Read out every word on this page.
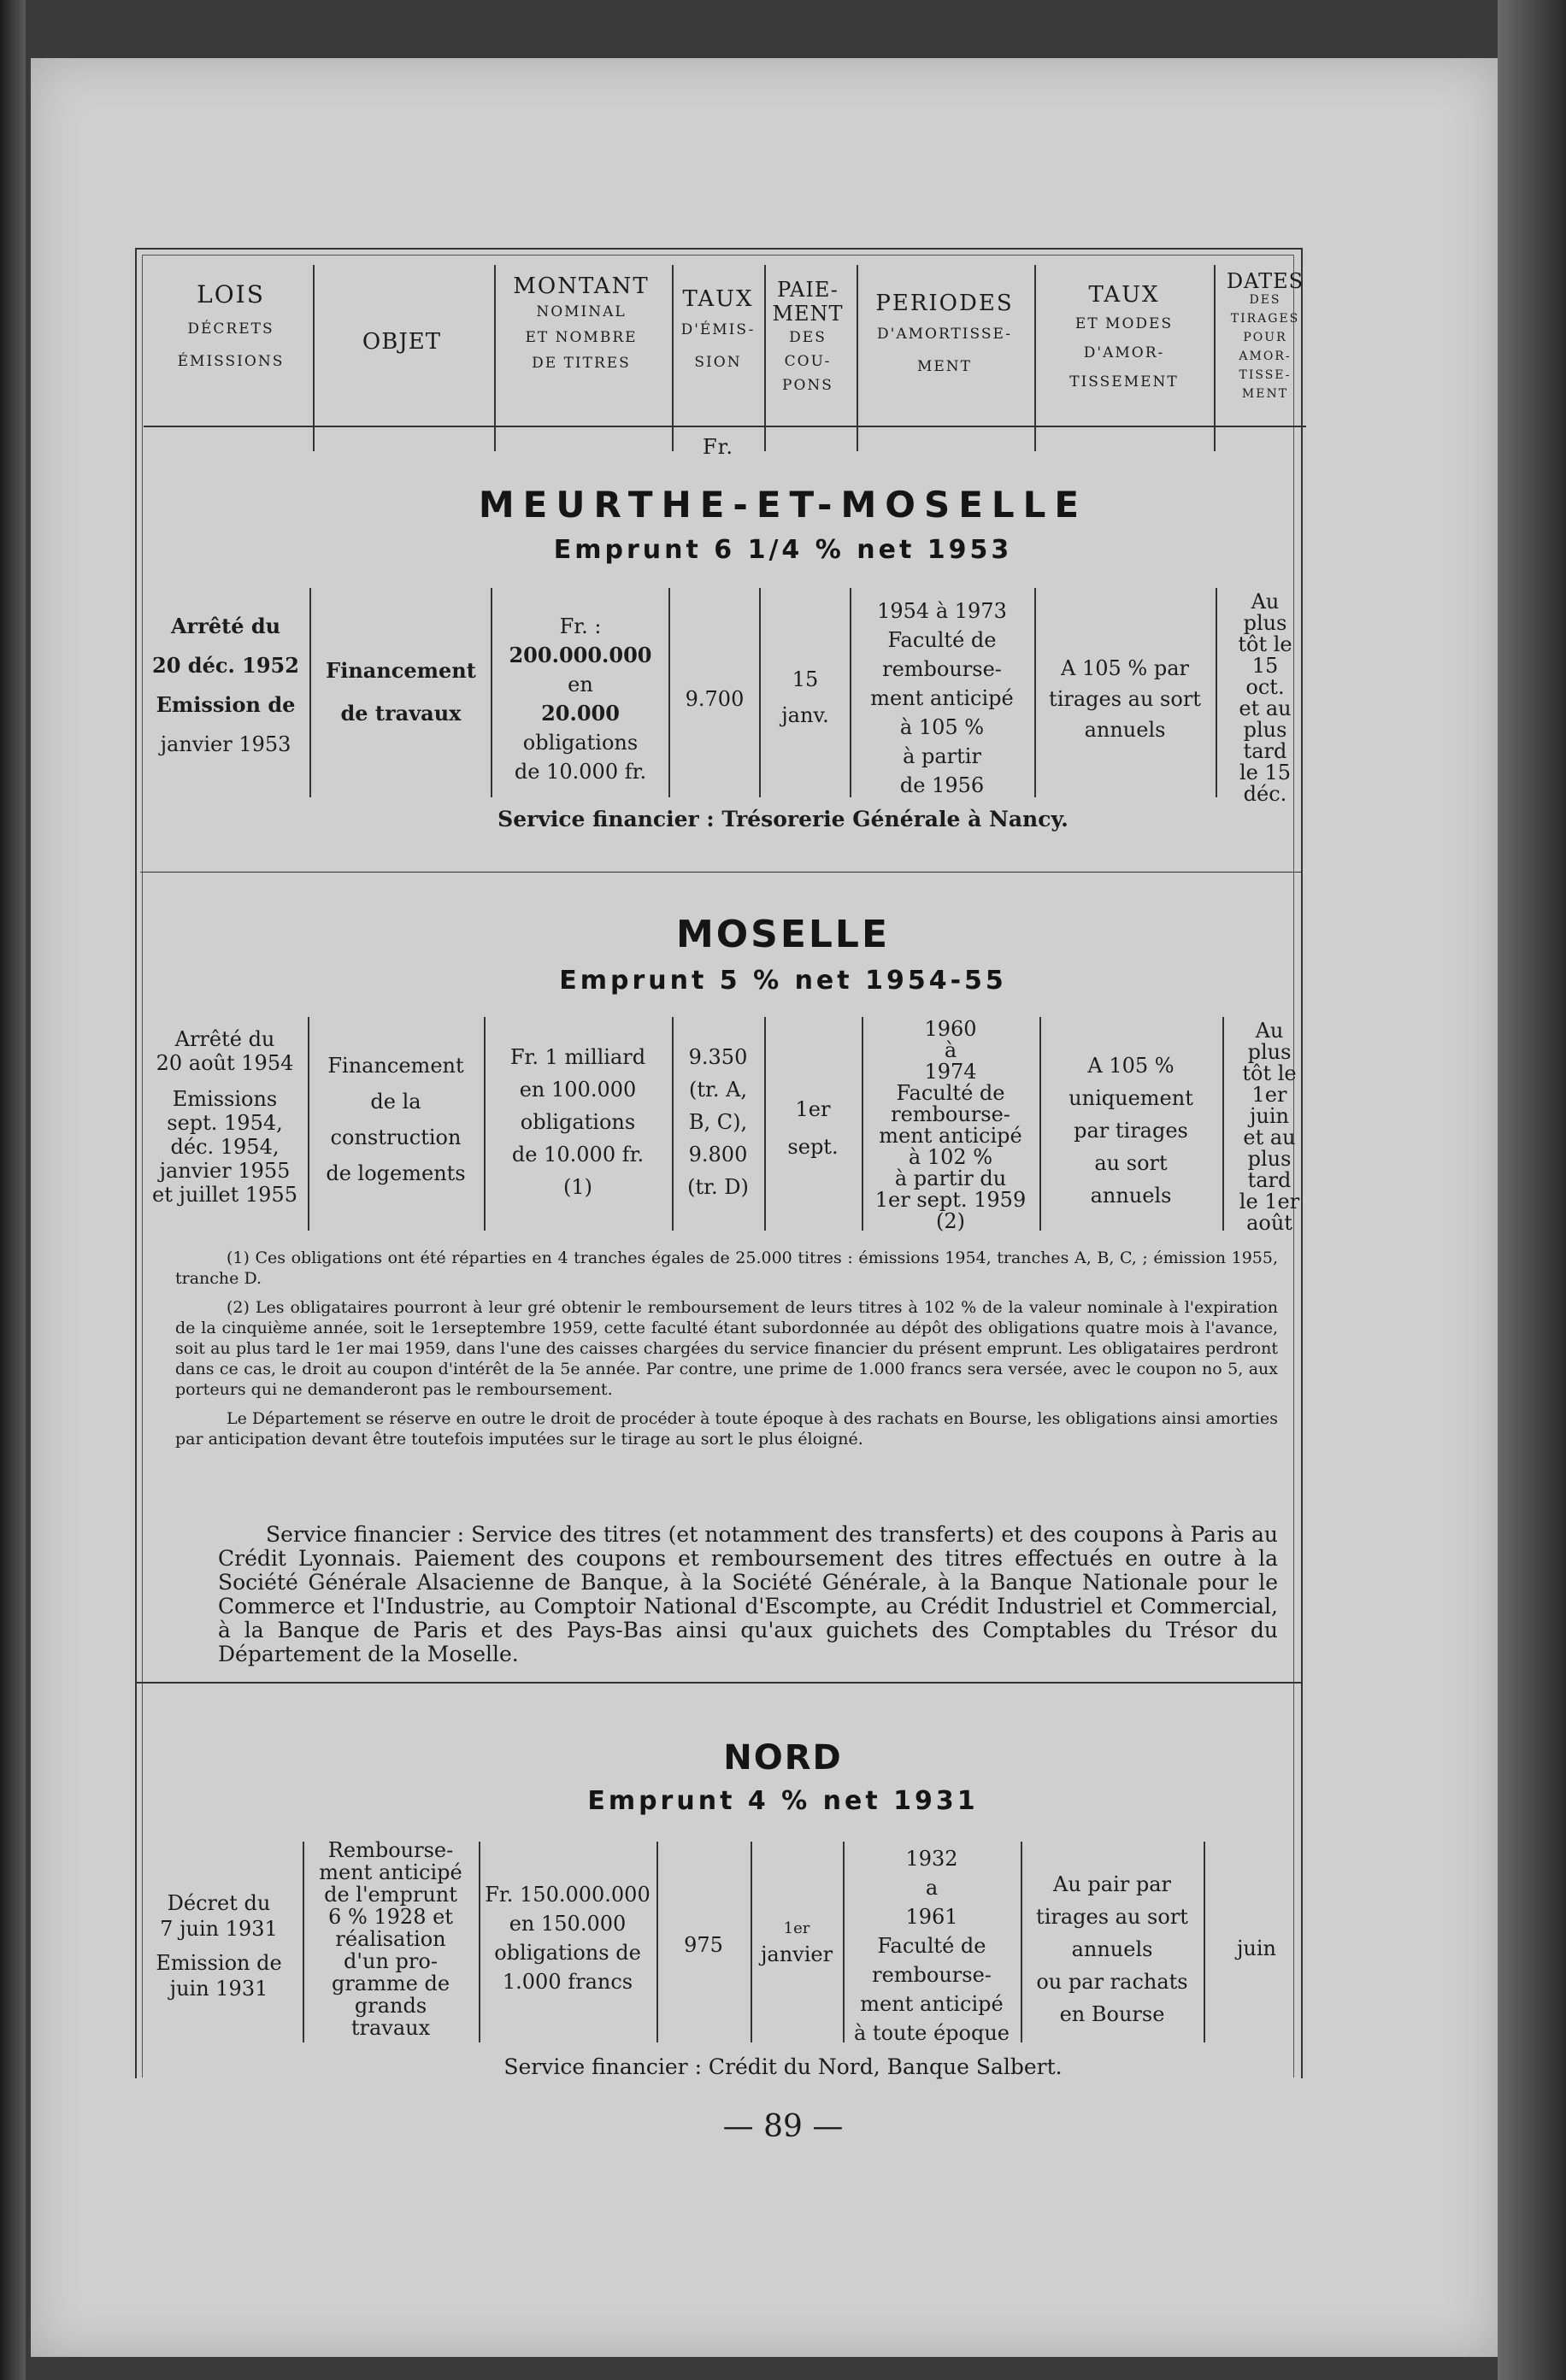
LOIS
DÉCRETS
ÉMISSIONS
OBJET
MONTANT
NOMINAL
ET NOMBRE
DE TITRES
TAUX
D'ÉMIS-
SION
PAIE-
MENT
DES
COU-
PONS
PERIODES
D'AMORTISSE-
MENT
TAUX
ET MODES
D'AMOR-
TISSEMENT
DATES
DES
TIRAGES
POUR
AMOR-
TISSE-
MENT
Fr.
MEURTHE-ET-MOSELLE
Emprunt 6 1/4 % net 1953
Arrêté du
20 déc. 1952
Emission de
janvier 1953
Financement
de travaux
Fr. :
200.000.000
en
20.000
obligations
de 10.000 fr.
9.700
15
janv.
1954 à 1973
Faculté de
rembourse-
ment anticipé
à 105 %
à partir
de 1956
A 105 % par
tirages au sort
annuels
Au
plus
tôt le
15
oct.
et au
plus
tard
le 15
déc.
Service financier : Trésorerie Générale à Nancy.
MOSELLE
Emprunt 5 % net 1954-55
Arrêté du
20 août 1954
Emissions
sept. 1954,
déc. 1954,
janvier 1955
et juillet 1955
Financement
de la
construction
de logements
Fr. 1 milliard
en 100.000
obligations
de 10.000 fr.
(1)
9.350
(tr. A,
B, C),
9.800
(tr. D)
1er
sept.
1960
à
1974
Faculté de
rembourse-
ment anticipé
à 102 %
à partir du
1er sept. 1959
(2)
A 105 %
uniquement
par tirages
au sort
annuels
Au
plus
tôt le
1er
juin
et au
plus
tard
le 1er
août

(1) Ces obligations ont été réparties en 4 tranches égales de 25.000 titres : émissions 1954, tranches A, B, C, ; émission 1955, tranche D.

(2) Les obligataires pourront à leur gré obtenir le remboursement de leurs titres à 102 % de la valeur nominale à l'expiration de la cinquième année, soit le 1erseptembre 1959, cette faculté étant subordonnée au dépôt des obligations quatre mois à l'avance, soit au plus tard le 1er mai 1959, dans l'une des caisses chargées du service financier du présent emprunt. Les obligataires perdront dans ce cas, le droit au coupon d'intérêt de la 5e année. Par contre, une prime de 1.000 francs sera versée, avec le coupon no 5, aux porteurs qui ne demanderont pas le remboursement.

Le Département se réserve en outre le droit de procéder à toute époque à des rachats en Bourse, les obligations ainsi amorties par anticipation devant être toutefois imputées sur le tirage au sort le plus éloigné.

Service financier : Service des titres (et notamment des transferts) et des coupons à Paris au Crédit Lyonnais. Paiement des coupons et remboursement des titres effectués en outre à la Société Générale Alsacienne de Banque, à la Société Générale, à la Banque Nationale pour le Commerce et l'Industrie, au Comptoir National d'Escompte, au Crédit Industriel et Commercial, à la Banque de Paris et des Pays-Bas ainsi qu'aux guichets des Comptables du Trésor du Département de la Moselle.
NORD
Emprunt 4 % net 1931
Décret du
7 juin 1931
Emission de
juin 1931
Rembourse-
ment anticipé
de l'emprunt
6 % 1928 et
réalisation
d'un pro-
gramme de
grands
travaux
Fr. 150.000.000
en 150.000
obligations de
1.000 francs
975
1er
janvier
1932
a
1961
Faculté de
rembourse-
ment anticipé
à toute époque
Au pair par
tirages au sort
annuels
ou par rachats
en Bourse
juin
Service financier : Crédit du Nord, Banque Salbert.
— 89 —
